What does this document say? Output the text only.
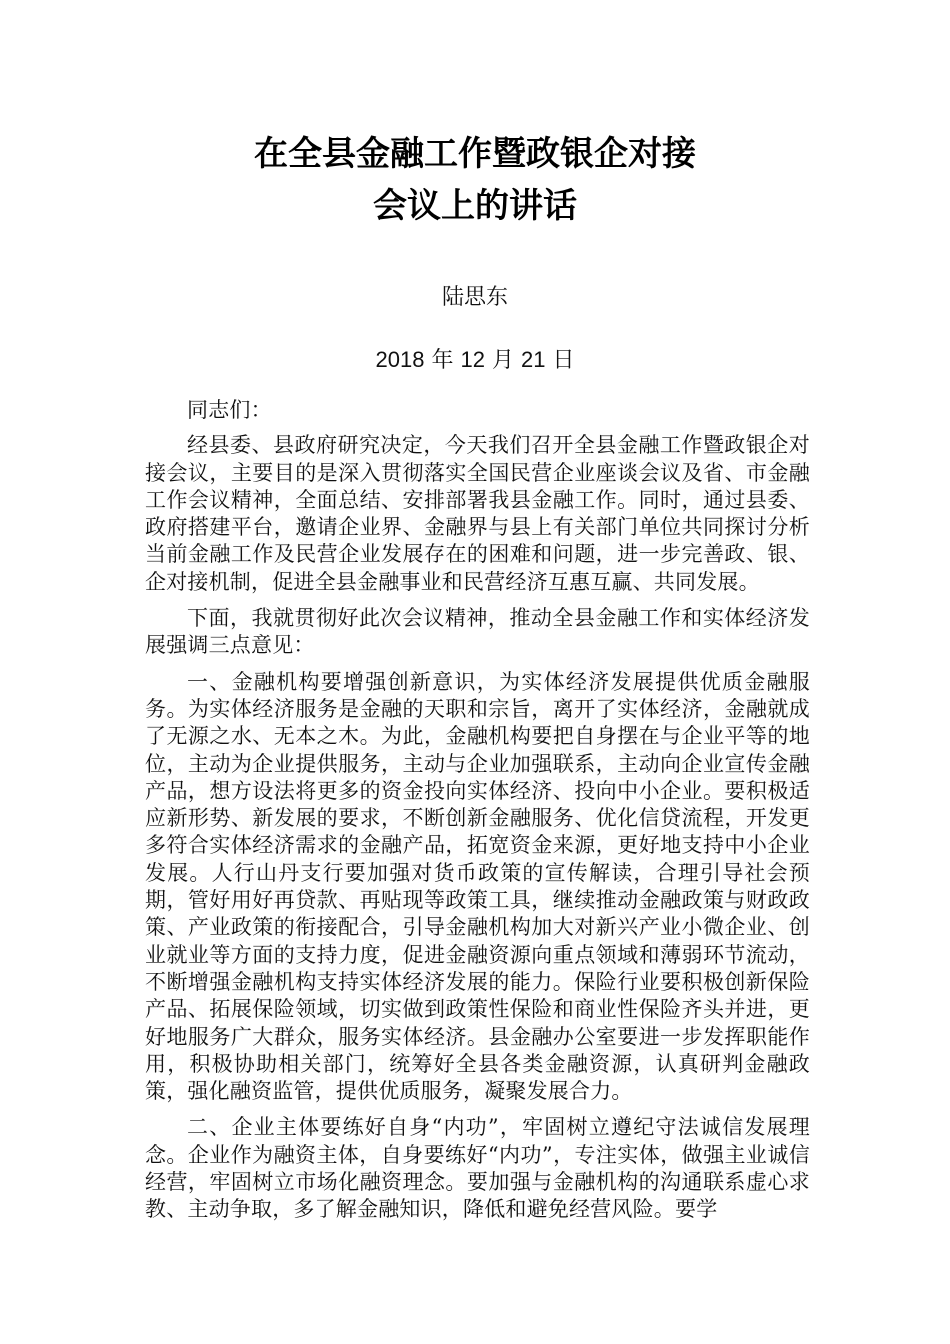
在全县金融工作暨政银企对接
会议上的讲话
陆思东
2018 年 12 月 21 日

同志们：

经县委、县政府研究决定，今天我们召开全县金融工作暨政银企对接会议，主要目的是深入贯彻落实全国民营企业座谈会议及省、市金融工作会议精神，全面总结、安排部署我县金融工作。同时，通过县委、政府搭建平台，邀请企业界、金融界与县上有关部门单位共同探讨分析当前金融工作及民营企业发展存在的困难和问题，进一步完善政、银、企对接机制，促进全县金融事业和民营经济互惠互赢、共同发展。

下面，我就贯彻好此次会议精神，推动全县金融工作和实体经济发展强调三点意见：

一、金融机构要增强创新意识，为实体经济发展提供优质金融服务。为实体经济服务是金融的天职和宗旨，离开了实体经济，金融就成了无源之水、无本之木。为此，金融机构要把自身摆在与企业平等的地位，主动为企业提供服务，主动与企业加强联系，主动向企业宣传金融产品，想方设法将更多的资金投向实体经济、投向中小企业。要积极适应新形势、新发展的要求，不断创新金融服务、优化信贷流程，开发更多符合实体经济需求的金融产品，拓宽资金来源，更好地支持中小企业发展。人行山丹支行要加强对货币政策的宣传解读，合理引导社会预期，管好用好再贷款、再贴现等政策工具，继续推动金融政策与财政政策、产业政策的衔接配合，引导金融机构加大对新兴产业小微企业、创业就业等方面的支持力度，促进金融资源向重点领域和薄弱环节流动，不断增强金融机构支持实体经济发展的能力。保险行业要积极创新保险产品、拓展保险领域，切实做到政策性保险和商业性保险齐头并进，更好地服务广大群众，服务实体经济。县金融办公室要进一步发挥职能作用，积极协助相关部门，统筹好全县各类金融资源，认真研判金融政策，强化融资监管，提供优质服务，凝聚发展合力。

二、企业主体要练好自身“内功”，牢固树立遵纪守法诚信发展理念。企业作为融资主体，自身要练好“内功”，专注实体，做强主业诚信经营，牢固树立市场化融资理念。要加强与金融机构的沟通联系虚心求教、主动争取，多了解金融知识，降低和避免经营风险。要学
